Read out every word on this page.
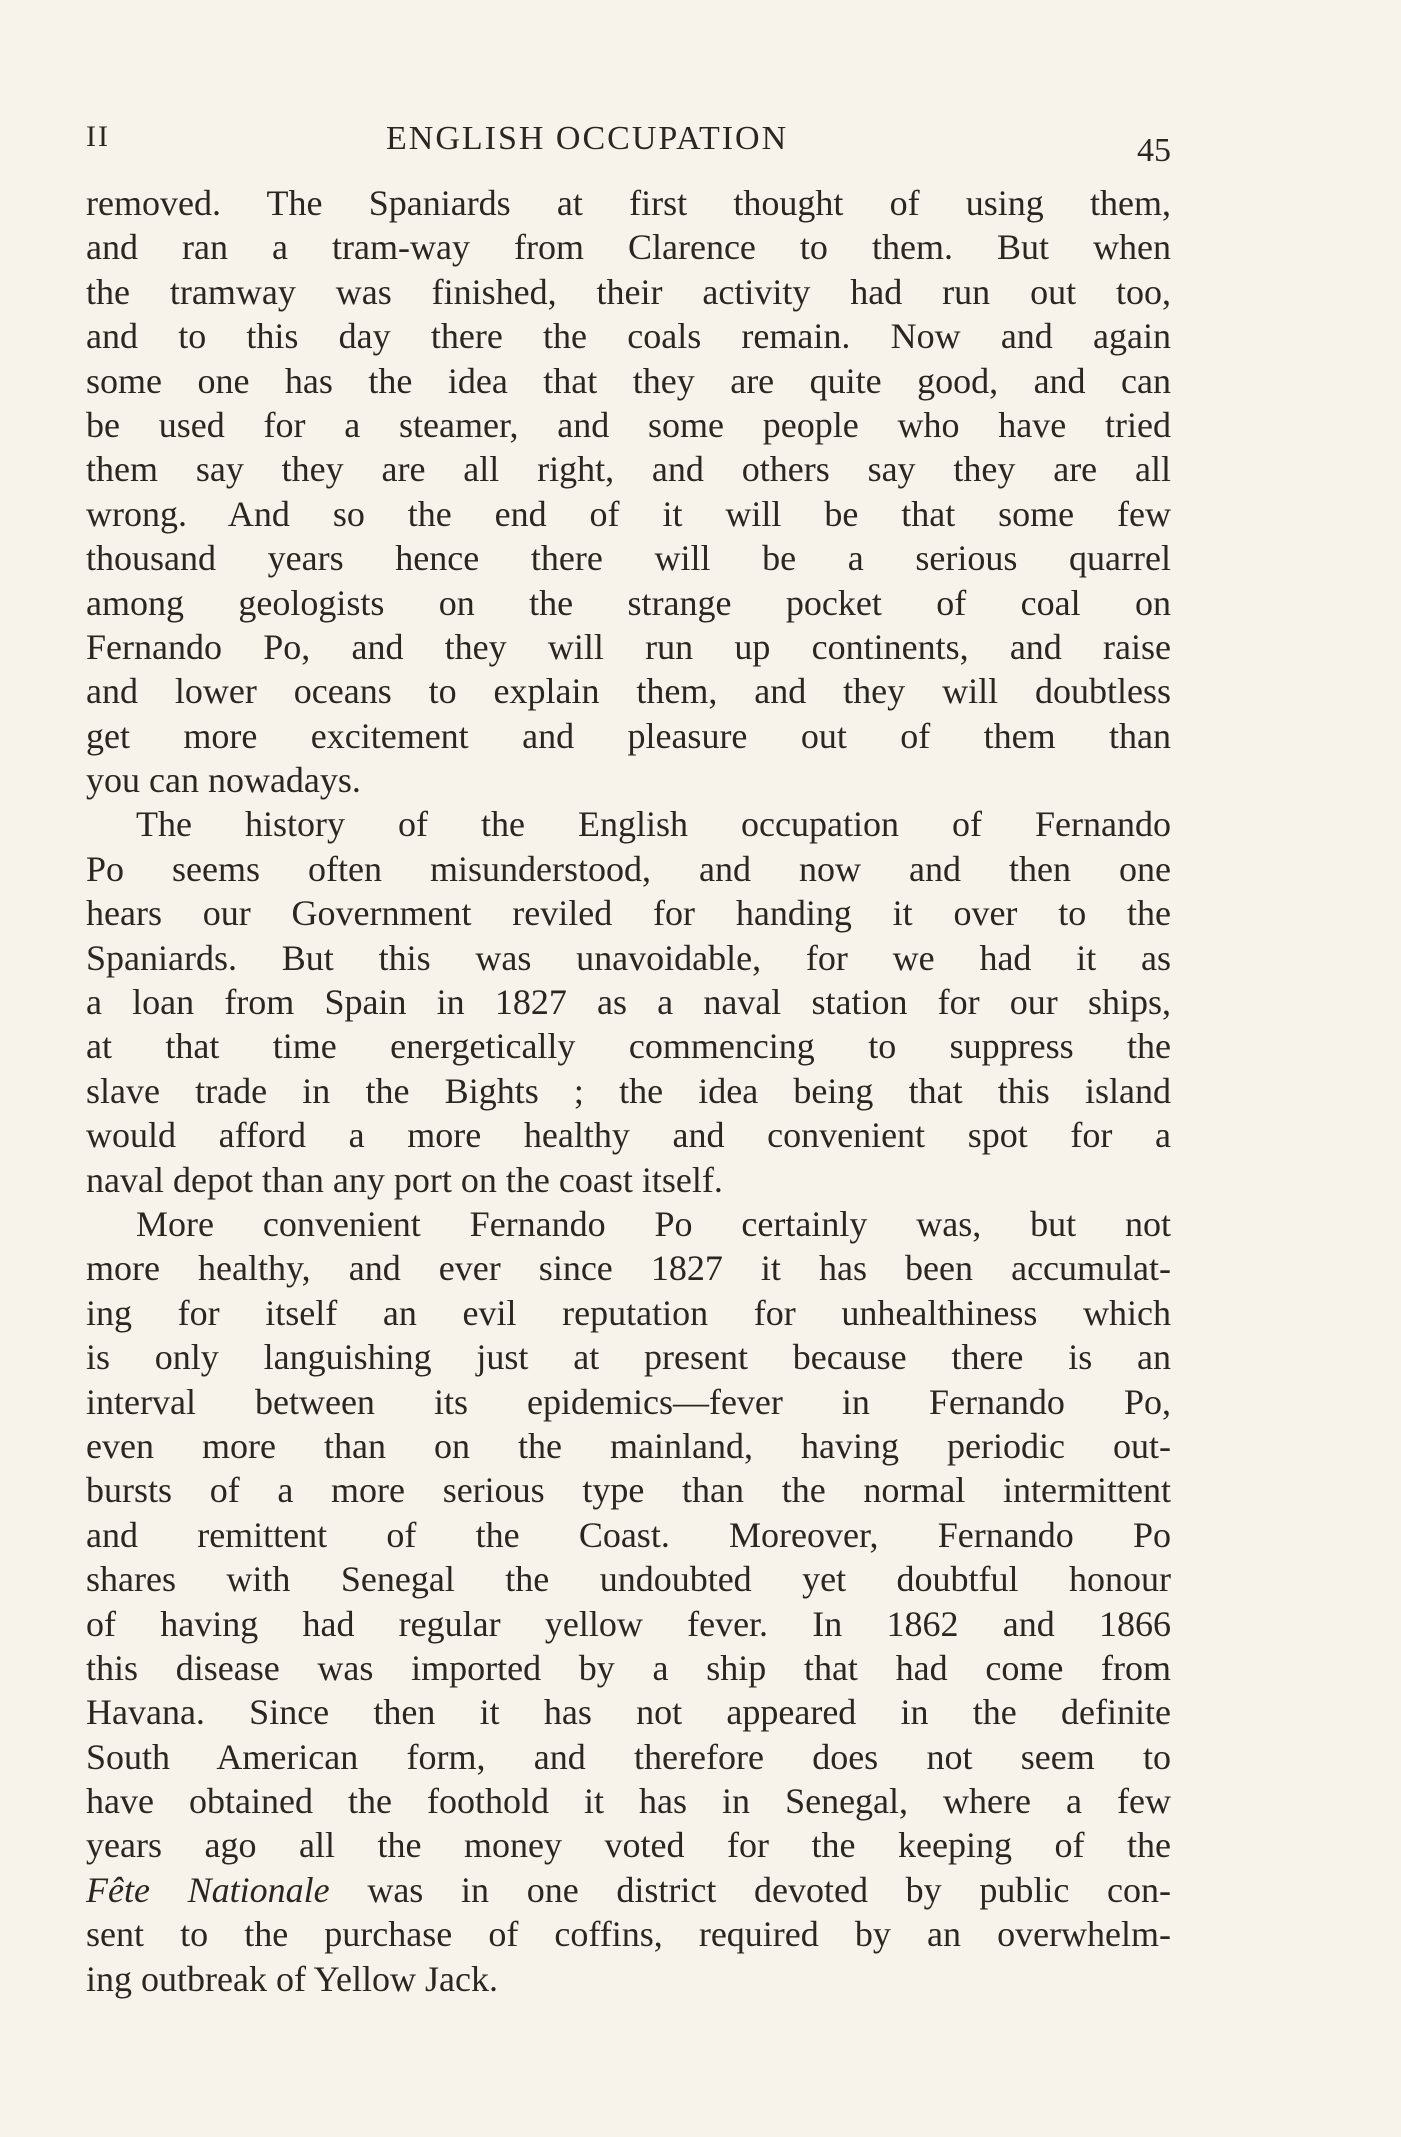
II	ENGLISH OCCUPATION	45
removed. The Spaniards at first thought of using them,
and ran a tram-way from Clarence to them. But when
the tramway was finished, their activity had run out too,
and to this day there the coals remain. Now and again
some one has the idea that they are quite good, and can
be used for a steamer, and some people who have tried
them say they are all right, and others say they are all
wrong. And so the end of it will be that some few
thousand years hence there will be a serious quarrel
among geologists on the strange pocket of coal on
Fernando Po, and they will run up continents, and raise
and lower oceans to explain them, and they will doubtless
get more excitement and pleasure out of them than
you can nowadays.
The history of the English occupation of Fernando
Po seems often misunderstood, and now and then one
hears our Government reviled for handing it over to the
Spaniards. But this was unavoidable, for we had it as
a loan from Spain in 1827 as a naval station for our ships,
at that time energetically commencing to suppress the
slave trade in the Bights ; the idea being that this island
would afford a more healthy and convenient spot for a
naval depot than any port on the coast itself.
More convenient Fernando Po certainly was, but not
more healthy, and ever since 1827 it has been accumulat-
ing for itself an evil reputation for unhealthiness which
is only languishing just at present because there is an
interval between its epidemics—fever in Fernando Po,
even more than on the mainland, having periodic out-
bursts of a more serious type than the normal intermittent
and remittent of the Coast. Moreover, Fernando Po
shares with Senegal the undoubted yet doubtful honour
of having had regular yellow fever. In 1862 and 1866
this disease was imported by a ship that had come from
Havana. Since then it has not appeared in the definite
South American form, and therefore does not seem to
have obtained the foothold it has in Senegal, where a few
years ago all the money voted for the keeping of the
Fête Nationale was in one district devoted by public con-
sent to the purchase of coffins, required by an overwhelm-
ing outbreak of Yellow Jack.
